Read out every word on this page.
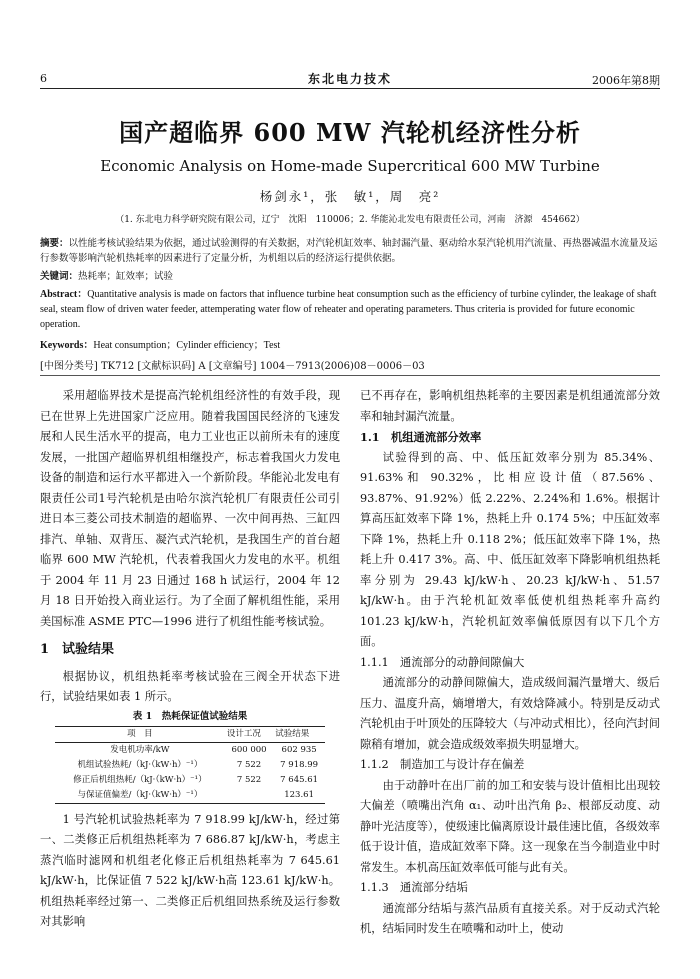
6	东北电力技术	2006年第8期
国产超临界 600 MW 汽轮机经济性分析
Economic Analysis on Home-made Supercritical 600 MW Turbine
杨剑永¹，张　敏¹，周　亮²
（1. 东北电力科学研究院有限公司，辽宁　沈阳　110006；2. 华能沁北发电有限责任公司，河南　济源　454662）
摘要：以性能考核试验结果为依据，通过试验测得的有关数据，对汽轮机缸效率、轴封漏汽量、驱动给水泵汽轮机用汽流量、再热器减温水流量及运行参数等影响汽轮机热耗率的因素进行了定量分析，为机组以后的经济运行提供依据。
关键词：热耗率；缸效率；试验
Abstract：Quantitative analysis is made on factors that influence turbine heat consumption such as the efficiency of turbine cylinder, the leakage of shaft seal, steam flow of driven water feeder, attemperating water flow of reheater and operating parameters. Thus criteria is provided for future economic operation.
Keywords：Heat consumption；Cylinder efficiency；Test
[中图分类号] TK712 [文献标识码] A [文章编号] 1004－7913(2006)08－0006－03

采用超临界技术是提高汽轮机组经济性的有效手段，现已在世界上先进国家广泛应用。随着我国国民经济的飞速发展和人民生活水平的提高，电力工业也正以前所未有的速度发展，一批国产超临界机组相继投产，标志着我国火力发电设备的制造和运行水平都进入一个新阶段。华能沁北发电有限责任公司1号汽轮机是由哈尔滨汽轮机厂有限责任公司引进日本三菱公司技术制造的超临界、一次中间再热、三缸四排汽、单轴、双背压、凝汽式汽轮机，是我国生产的首台超临界 600 MW 汽轮机，代表着我国火力发电的水平。机组于 2004 年 11 月 23 日通过 168 h 试运行，2004 年 12 月 18 日开始投入商业运行。为了全面了解机组性能，采用美国标准 ASME PTC—1996 进行了机组性能考核试验。

1　试验结果

根据协议，机组热耗率考核试验在三阀全开状态下进行，试验结果如表 1 所示。

表 1　热耗保证值试验结果
项　目	设计工况	试验结果
发电机功率/kW	600 000	602 935
机组试验热耗/（kJ·（kW·h）⁻¹）	7 522	7 918.99
修正后机组热耗/（kJ·（kW·h）⁻¹）	7 522	7 645.61
与保证值偏差/（kJ·（kW·h）⁻¹）		123.61

1 号汽轮机试验热耗率为 7 918.99 kJ/kW·h，经过第一、二类修正后机组热耗率为 7 686.87 kJ/kW·h，考虑主蒸汽临时滤网和机组老化修正后机组热耗率为 7 645.61 kJ/kW·h，比保证值 7 522 kJ/kW·h高 123.61 kJ/kW·h。机组热耗率经过第一、二类修正后机组回热系统及运行参数对其影响

已不再存在，影响机组热耗率的主要因素是机组通流部分效率和轴封漏汽流量。

1.1　机组通流部分效率

试验得到的高、中、低压缸效率分别为 85.34%、91.63%和 90.32%，比相应设计值（87.56%、93.87%、91.92%）低 2.22%、2.24%和 1.6%。根据计算高压缸效率下降 1%，热耗上升 0.174 5%；中压缸效率下降 1%，热耗上升 0.118 2%；低压缸效率下降 1%，热耗上升 0.417 3%。高、中、低压缸效率下降影响机组热耗率分别为 29.43 kJ/kW·h、20.23 kJ/kW·h、51.57 kJ/kW·h。由于汽轮机缸效率低使机组热耗率升高约 101.23 kJ/kW·h，汽轮机缸效率偏低原因有以下几个方面。

1.1.1　通流部分的动静间隙偏大

通流部分的动静间隙偏大，造成级间漏汽量增大、级后压力、温度升高，熵增增大，有效焓降减小。特别是反动式汽轮机由于叶顶处的压降较大（与冲动式相比），径向汽封间隙稍有增加，就会造成级效率损失明显增大。

1.1.2　制造加工与设计存在偏差

由于动静叶在出厂前的加工和安装与设计值相比出现较大偏差（喷嘴出汽角 α₁、动叶出汽角 β₂、根部反动度、动静叶光洁度等），使级速比偏离原设计最佳速比值，各级效率低于设计值，造成缸效率下降。这一现象在当今制造业中时常发生。本机高压缸效率低可能与此有关。

1.1.3　通流部分结垢

通流部分结垢与蒸汽品质有直接关系。对于反动式汽轮机，结垢同时发生在喷嘴和动叶上，使动
